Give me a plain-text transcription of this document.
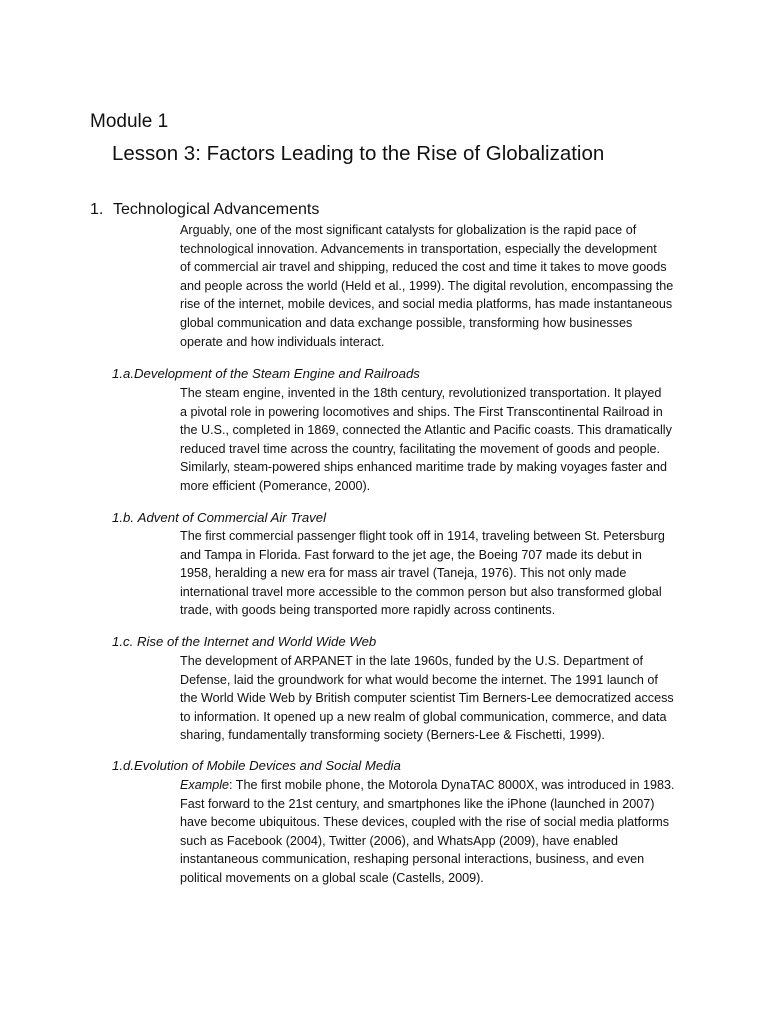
Module 1
Lesson 3: Factors Leading to the Rise of Globalization
1. Technological Advancements
Arguably, one of the most significant catalysts for globalization is the rapid pace of
technological innovation. Advancements in transportation, especially the development
of commercial air travel and shipping, reduced the cost and time it takes to move goods
and people across the world (Held et al., 1999). The digital revolution, encompassing the
rise of the internet, mobile devices, and social media platforms, has made instantaneous
global communication and data exchange possible, transforming how businesses
operate and how individuals interact.
1.a.Development of the Steam Engine and Railroads
The steam engine, invented in the 18th century, revolutionized transportation. It played
a pivotal role in powering locomotives and ships. The First Transcontinental Railroad in
the U.S., completed in 1869, connected the Atlantic and Pacific coasts. This dramatically
reduced travel time across the country, facilitating the movement of goods and people.
Similarly, steam-powered ships enhanced maritime trade by making voyages faster and
more efficient (Pomerance, 2000).
1.b. Advent of Commercial Air Travel
The first commercial passenger flight took off in 1914, traveling between St. Petersburg
and Tampa in Florida. Fast forward to the jet age, the Boeing 707 made its debut in
1958, heralding a new era for mass air travel (Taneja, 1976). This not only made
international travel more accessible to the common person but also transformed global
trade, with goods being transported more rapidly across continents.
1.c. Rise of the Internet and World Wide Web
The development of ARPANET in the late 1960s, funded by the U.S. Department of
Defense, laid the groundwork for what would become the internet. The 1991 launch of
the World Wide Web by British computer scientist Tim Berners-Lee democratized access
to information. It opened up a new realm of global communication, commerce, and data
sharing, fundamentally transforming society (Berners-Lee & Fischetti, 1999).
1.d.Evolution of Mobile Devices and Social Media
Example: The first mobile phone, the Motorola DynaTAC 8000X, was introduced in 1983.
Fast forward to the 21st century, and smartphones like the iPhone (launched in 2007)
have become ubiquitous. These devices, coupled with the rise of social media platforms
such as Facebook (2004), Twitter (2006), and WhatsApp (2009), have enabled
instantaneous communication, reshaping personal interactions, business, and even
political movements on a global scale (Castells, 2009).
